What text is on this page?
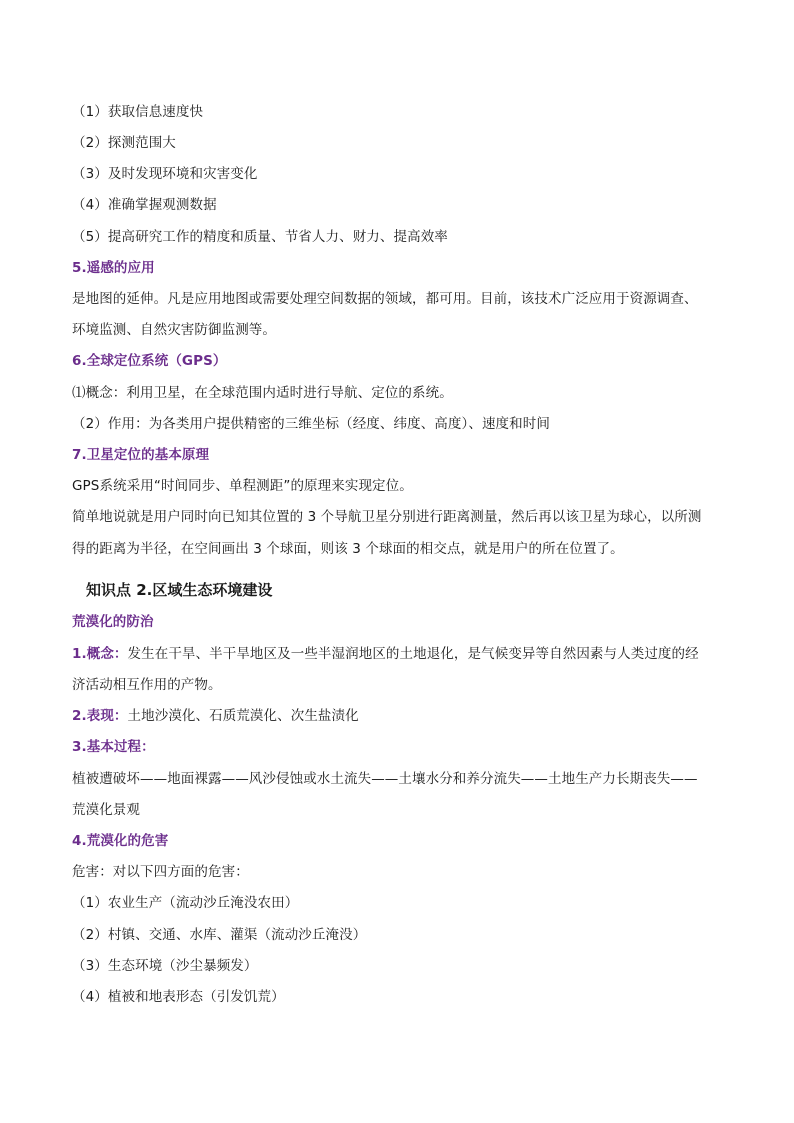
（1）获取信息速度快
（2）探测范围大
（3）及时发现环境和灾害变化
（4）准确掌握观测数据
（5）提高研究工作的精度和质量、节省人力、财力、提高效率
5.遥感的应用
是地图的延伸。凡是应用地图或需要处理空间数据的领域，都可用。目前，该技术广泛应用于资源调查、
环境监测、自然灾害防御监测等。
6.全球定位系统（GPS）
⑴概念：利用卫星，在全球范围内适时进行导航、定位的系统。
（2）作用：为各类用户提供精密的三维坐标（经度、纬度、高度）、速度和时间
7.卫星定位的基本原理
GPS系统采用“时间同步、单程测距”的原理来实现定位。
简单地说就是用户同时向已知其位置的 3 个导航卫星分别进行距离测量，然后再以该卫星为球心，以所测
得的距离为半径，在空间画出 3 个球面，则该 3 个球面的相交点，就是用户的所在位置了。
知识点 2.区域生态环境建设
荒漠化的防治
1.概念：发生在干旱、半干旱地区及一些半湿润地区的土地退化，是气候变异等自然因素与人类过度的经
济活动相互作用的产物。
2.表现：土地沙漠化、石质荒漠化、次生盐渍化
3.基本过程：
植被遭破坏——地面裸露——风沙侵蚀或水土流失——土壤水分和养分流失——土地生产力长期丧失——
荒漠化景观
4.荒漠化的危害
危害：对以下四方面的危害：
（1）农业生产（流动沙丘淹没农田）
（2）村镇、交通、水库、灌渠（流动沙丘淹没）
（3）生态环境（沙尘暴频发）
（4）植被和地表形态（引发饥荒）
